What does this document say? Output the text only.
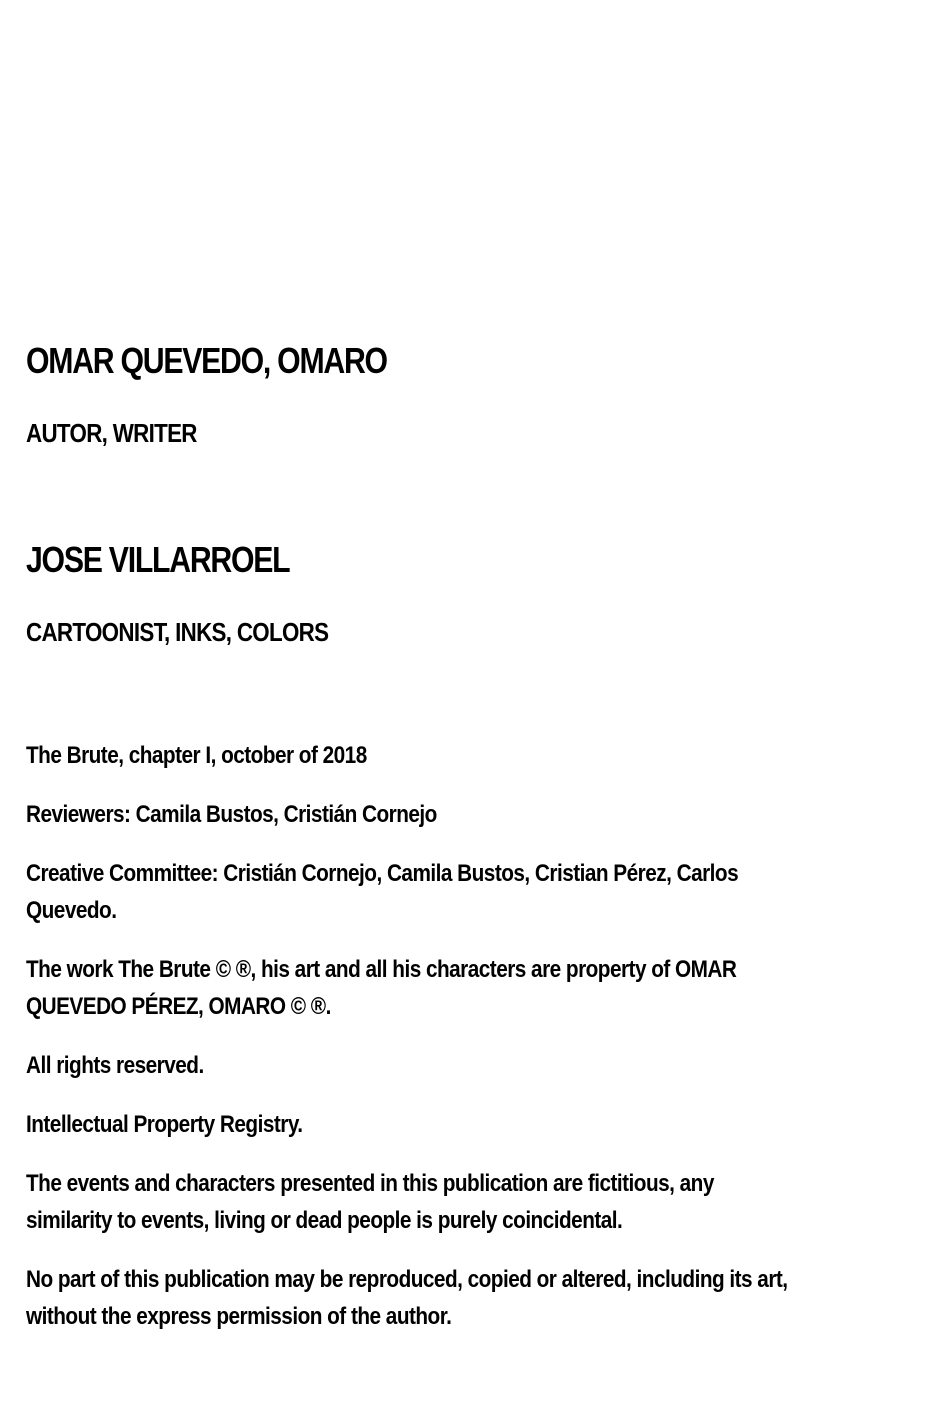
OMAR QUEVEDO, OMARO
AUTOR, WRITER
JOSE VILLARROEL
CARTOONIST, INKS, COLORS

The Brute, chapter I, october of 2018

Reviewers: Camila Bustos, Cristián Cornejo

Creative Committee: Cristián Cornejo, Camila Bustos, Cristian Pérez, Carlos
Quevedo.

The work The Brute © ®, his art and all his characters are property of OMAR
QUEVEDO PÉREZ, OMARO © ®.

All rights reserved.

Intellectual Property Registry.

The events and characters presented in this publication are fictitious, any
similarity to events, living or dead people is purely coincidental.

No part of this publication may be reproduced, copied or altered, including its art,
without the express permission of the author.
